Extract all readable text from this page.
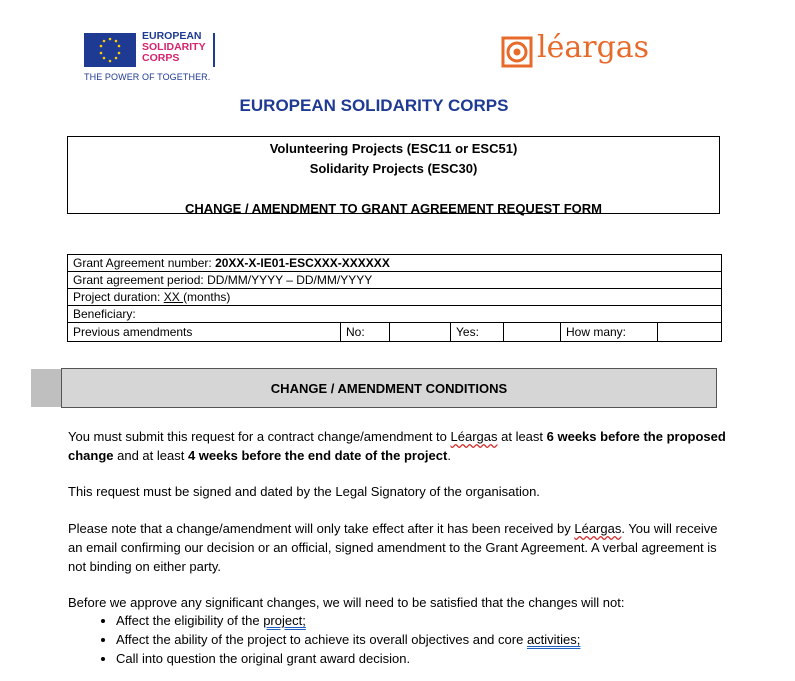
EUROPEAN
SOLIDARITY
CORPS
THE POWER OF TOGETHER.
léargas
EUROPEAN SOLIDARITY CORPS
Volunteering Projects (ESC11 or ESC51)
Solidarity Projects (ESC30)
CHANGE / AMENDMENT TO GRANT AGREEMENT REQUEST FORM
Grant Agreement number: 20XX-X-IE01-ESCXXX-XXXXXX
Grant agreement period: DD/MM/YYYY – DD/MM/YYYY
Project duration: XX (months)
Beneficiary:
Previous amendments	No:		Yes:		How many:	
CHANGE / AMENDMENT CONDITIONS
You must submit this request for a contract change/amendment to Léargas at least 6 weeks before the proposed change and at least 4 weeks before the end date of the project.
This request must be signed and dated by the Legal Signatory of the organisation.
Please note that a change/amendment will only take effect after it has been received by Léargas. You will receive an email confirming our decision or an official, signed amendment to the Grant Agreement. A verbal agreement is not binding on either party.
Before we approve any significant changes, we will need to be satisfied that the changes will not:
• Affect the eligibility of the project;
• Affect the ability of the project to achieve its overall objectives and core activities;
• Call into question the original grant award decision.
